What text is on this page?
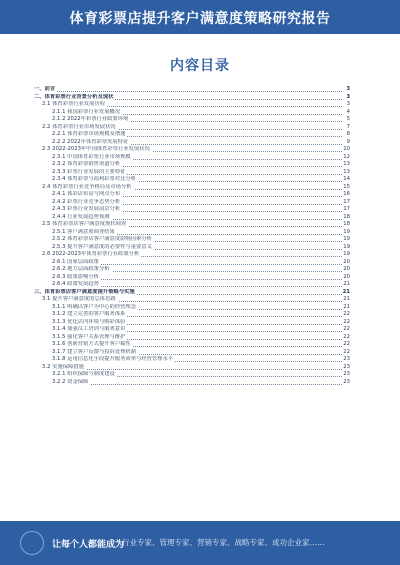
体育彩票店提升客户满意度策略研究报告
内容目录
一、前言	3
二、体育彩票行业背景分析及现状	3
2.1 体育彩票行业发展历程	3
2.1.1 我国彩票行业发展概况	4
2.1.2 2022年彩票行业政策环境	5
2.2 体育彩票行业市场发展状况	7
2.2.1 体育彩票市场规模及增速	8
2.2.2 2022年体育彩票发展特征	9
2.3 2022-2023年中国体育彩票行业发展状况	10
2.3.1 中国体育彩票行业市场规模	12
2.3.2 体育彩票销售渠道分析	13
2.3.3 彩票行业发展的主要特征	13
2.3.4 体育彩票与福利彩票对比分析	14
2.4 体育彩票行业竞争格局及市场分析	15
2.4.1 体彩店布局与网点分布	16
2.4.2 彩票行业竞争态势分析	17
2.4.3 彩票行业发展前景分析	17
2.4.4 行业发展趋势预测	18
2.5 体育彩票店客户满意度现状调查	18
2.5.1 客户满意度调查结果	19
2.5.2 体育彩票店客户满意度影响因素分析	19
2.5.3 提升客户满意度的必要性与重要意义	19
2.6 2022-2023年体育彩票行业政策分析	19
2.6.1 国家层面政策	20
2.6.2 地方层面政策分析	20
2.6.3 政策影响分析	20
2.6.4 政策发展趋势	21
三、体育彩票店客户满意度提升策略与实施	21
3.1 提升客户满意度的总体思路	21
3.1.1 明确以客户为中心的经营理念	21
3.1.2 建立完善的客户服务体系	22
3.1.3 优化店内环境与购彩体验	22
3.1.4 加强员工培训与服务意识	22
3.1.5 强化客户关系管理与维护	22
3.1.6 创新营销方式提升客户黏性	22
3.1.7 建立客户反馈与投诉处理机制	22
3.1.8 运用信息化手段提升服务效率与经营管理水平	23
3.2 实施保障措施	23
3.2.1 组织保障与制度建设	23
3.2.2 资金保障	23
让每个人都能成为
行业专家、管理专家、营销专家、战略专家、成功企业家……
